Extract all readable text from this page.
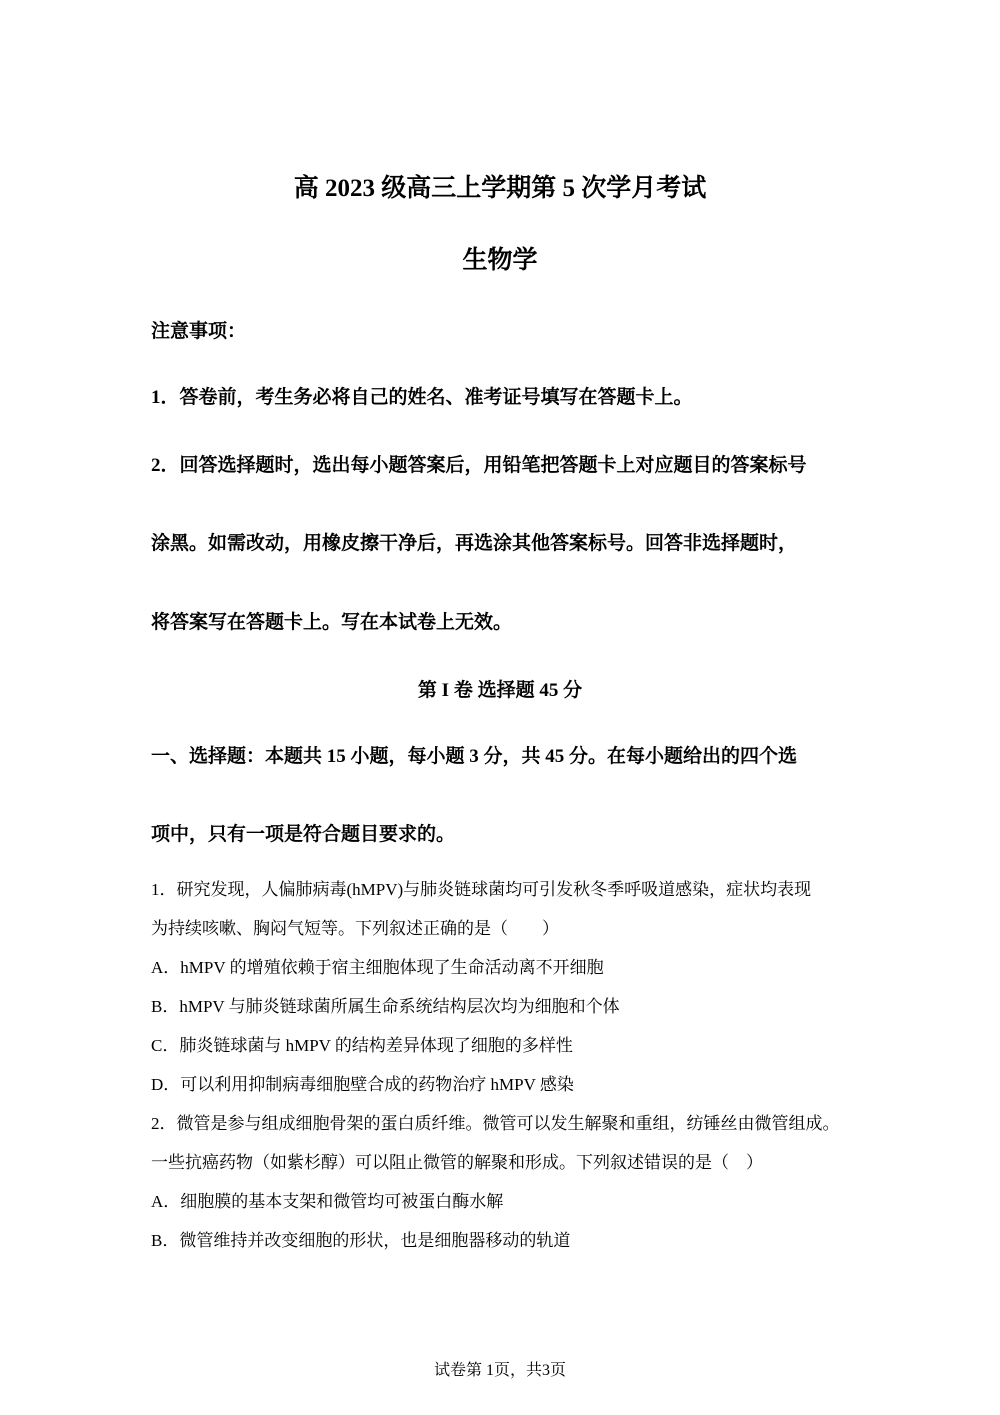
高 2023 级高三上学期第 5 次学月考试
生物学
注意事项：
1．答卷前，考生务必将自己的姓名、准考证号填写在答题卡上。
2．回答选择题时，选出每小题答案后，用铅笔把答题卡上对应题目的答案标号
涂黑。如需改动，用橡皮擦干净后，再选涂其他答案标号。回答非选择题时，
将答案写在答题卡上。写在本试卷上无效。
第 I 卷 选择题 45 分
一、选择题：本题共 15 小题，每小题 3 分，共 45 分。在每小题给出的四个选
项中，只有一项是符合题目要求的。
1．研究发现，人偏肺病毒(hMPV)与肺炎链球菌均可引发秋冬季呼吸道感染，症状均表现
为持续咳嗽、胸闷气短等。下列叙述正确的是（　　）
A．hMPV 的增殖依赖于宿主细胞体现了生命活动离不开细胞
B．hMPV 与肺炎链球菌所属生命系统结构层次均为细胞和个体
C．肺炎链球菌与 hMPV 的结构差异体现了细胞的多样性
D．可以利用抑制病毒细胞壁合成的药物治疗 hMPV 感染
2．微管是参与组成细胞骨架的蛋白质纤维。微管可以发生解聚和重组，纺锤丝由微管组成。
一些抗癌药物（如紫杉醇）可以阻止微管的解聚和形成。下列叙述错误的是（　）
A．细胞膜的基本支架和微管均可被蛋白酶水解
B．微管维持并改变细胞的形状，也是细胞器移动的轨道
试卷第 1页，共3页
